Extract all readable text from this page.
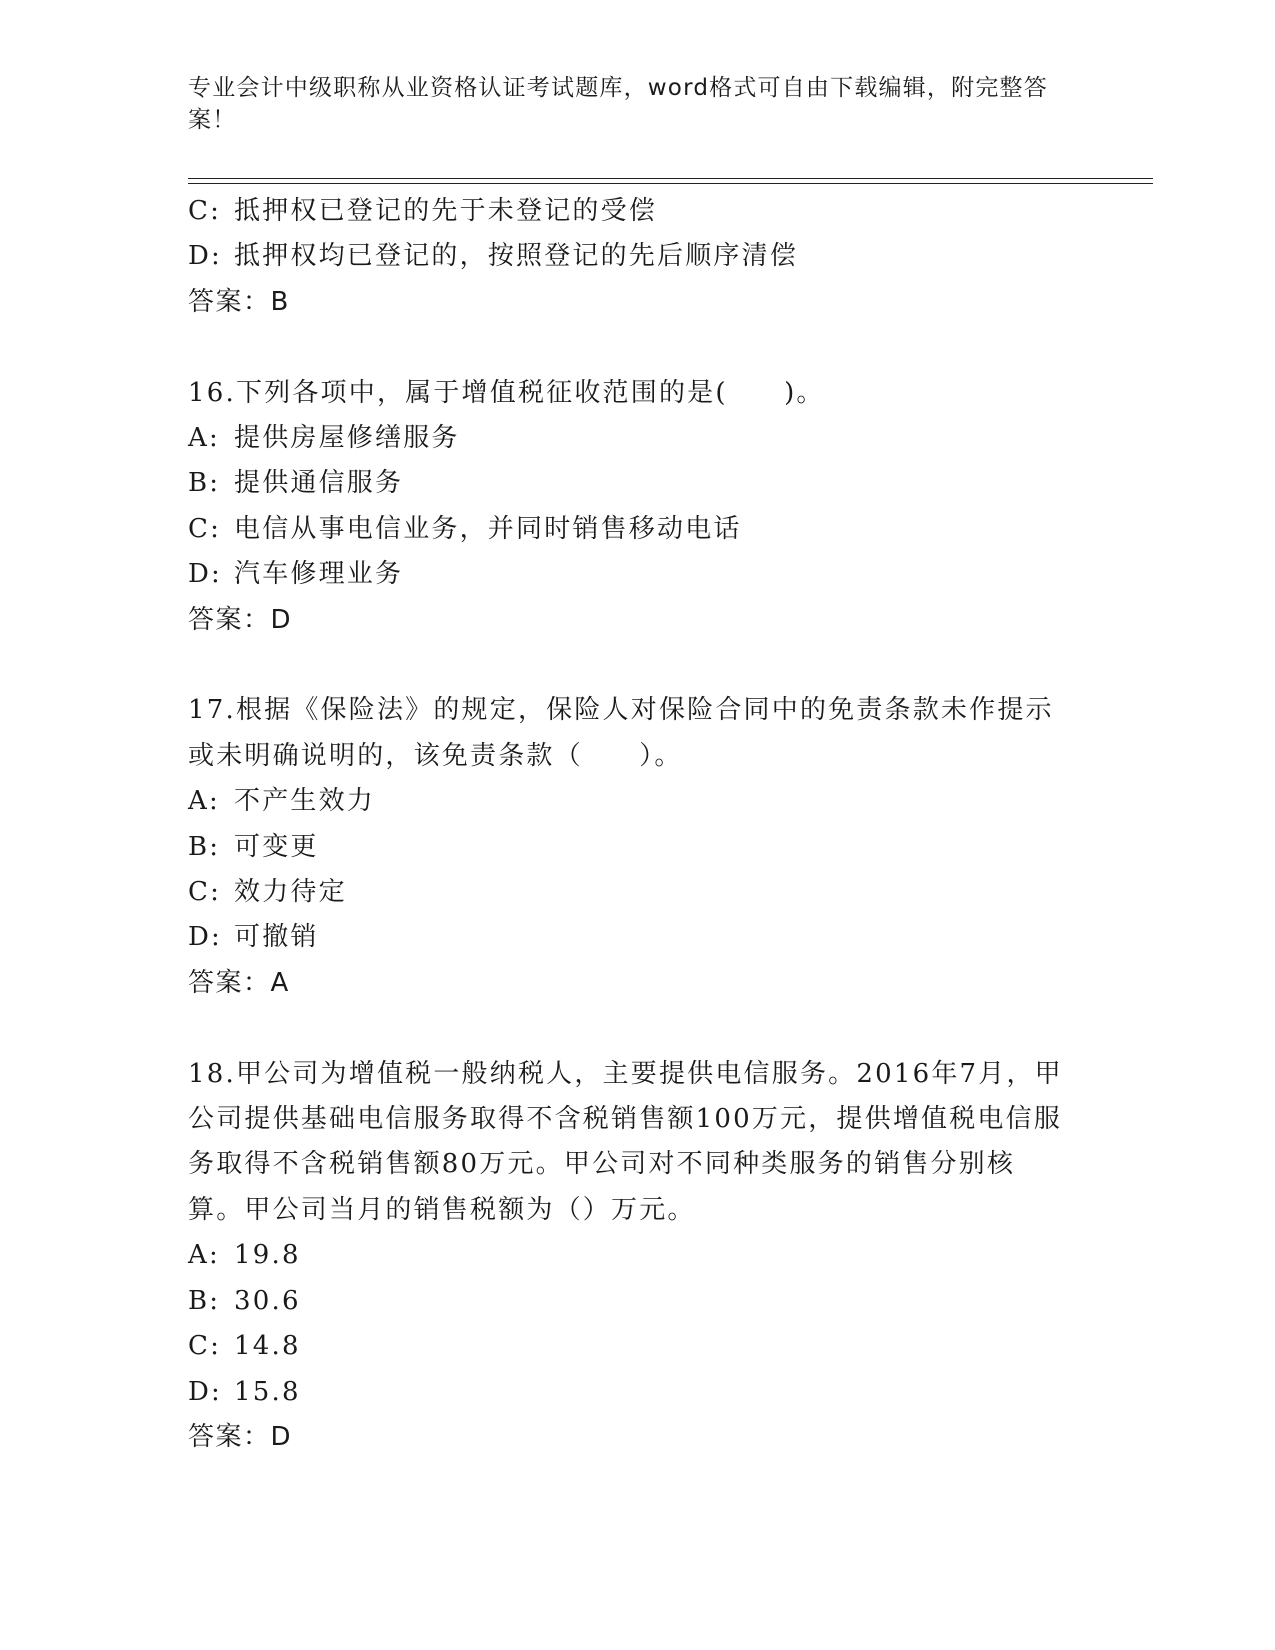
专业会计中级职称从业资格认证考试题库，word格式可自由下载编辑，附完整答案！
C: 抵押权已登记的先于未登记的受偿
D: 抵押权均已登记的，按照登记的先后顺序清偿
答案：B
16.下列各项中，属于增值税征收范围的是(　　)。
A: 提供房屋修缮服务
B: 提供通信服务
C: 电信从事电信业务，并同时销售移动电话
D: 汽车修理业务
答案：D
17.根据《保险法》的规定，保险人对保险合同中的免责条款未作提示或未明确说明的，该免责条款（　　）。
A: 不产生效力
B: 可变更
C: 效力待定
D: 可撤销
答案：A
18.甲公司为增值税一般纳税人，主要提供电信服务。2016年7月，甲公司提供基础电信服务取得不含税销售额100万元，提供增值税电信服务取得不含税销售额80万元。甲公司对不同种类服务的销售分别核算。甲公司当月的销售税额为（）万元。
A: 19.8
B: 30.6
C: 14.8
D: 15.8
答案：D
